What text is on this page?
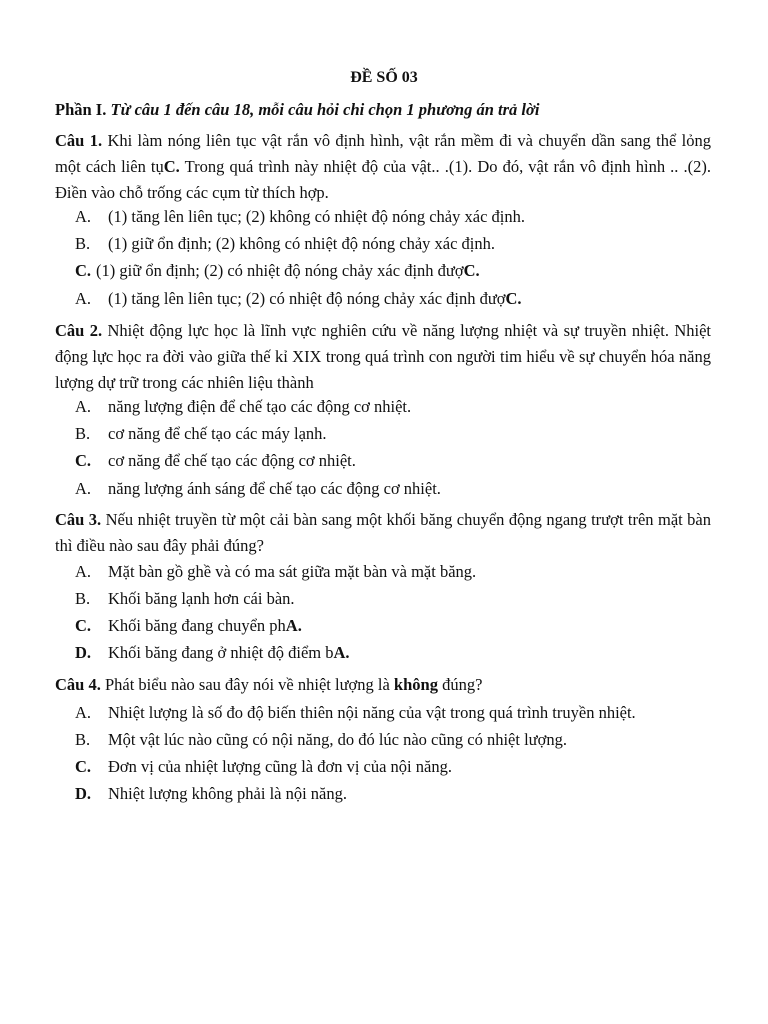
ĐỀ SỐ 03
Phần I. Từ câu 1 đến câu 18, mỗi câu hỏi chi chọn 1 phương án trả lời
Câu 1. Khi làm nóng liên tục vật rắn vô định hình, vật rắn mềm đi và chuyển dần sang thể lỏng một cách liên tụC. Trong quá trình này nhiệt độ của vật.. .(1). Do đó, vật rắn vô định hình .. .(2). Điền vào chỗ trống các cụm từ thích hợp.
A. (1) tăng lên liên tục; (2) không có nhiệt độ nóng chảy xác định.
B. (1) giữ ổn định; (2) không có nhiệt độ nóng chảy xác định.
C. (1) giữ ổn định; (2) có nhiệt độ nóng chảy xác định đượC.
A. (1) tăng lên liên tục; (2) có nhiệt độ nóng chảy xác định đượC.
Câu 2. Nhiệt động lực học là lĩnh vực nghiên cứu về năng lượng nhiệt và sự truyền nhiệt. Nhiệt động lực học ra đời vào giữa thế kỉ XIX trong quá trình con người tim hiểu về sự chuyển hóa năng lượng dự trữ trong các nhiên liệu thành
A. năng lượng điện để chế tạo các động cơ nhiệt.
B. cơ năng để chế tạo các máy lạnh.
C. cơ năng để chế tạo các động cơ nhiệt.
A. năng lượng ánh sáng để chế tạo các động cơ nhiệt.
Câu 3. Nếu nhiệt truyền từ một cải bàn sang một khối băng chuyển động ngang trượt trên mặt bàn thì điều nào sau đây phải đúng?
A. Mặt bàn gồ ghề và có ma sát giữa mặt bàn và mặt băng.
B. Khối băng lạnh hơn cái bàn.
C. Khối băng đang chuyển phA.
D. Khối băng đang ở nhiệt độ điểm bA.
Câu 4. Phát biểu nào sau đây nói về nhiệt lượng là không đúng?
A. Nhiệt lượng là số đo độ biến thiên nội năng của vật trong quá trình truyền nhiệt.
B. Một vật lúc nào cũng có nội năng, do đó lúc nào cũng có nhiệt lượng.
C. Đơn vị của nhiệt lượng cũng là đơn vị của nội năng.
D. Nhiệt lượng không phải là nội năng.
